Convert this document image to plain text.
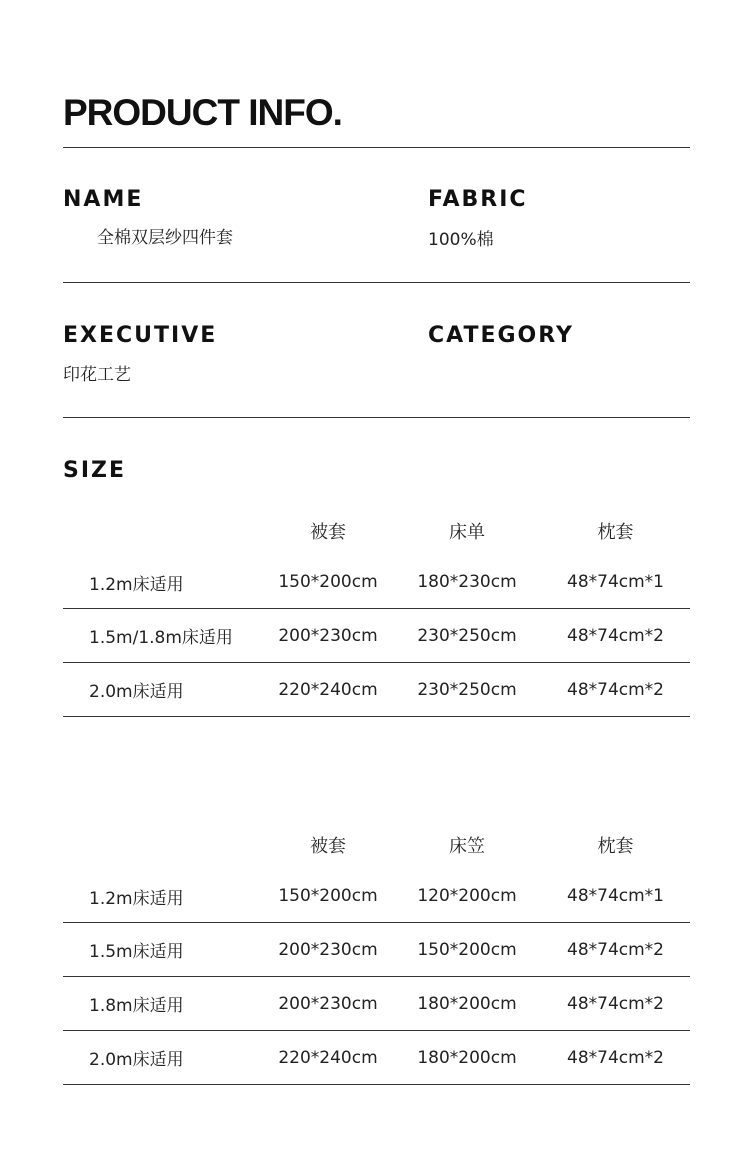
PRODUCT INFO.
NAME
全棉双层纱四件套
FABRIC
100%棉
EXECUTIVE
印花工艺
CATEGORY
SIZE
	被套	床单	枕套
1.2m床适用	150*200cm	180*230cm	48*74cm*1
1.5m/1.8m床适用	200*230cm	230*250cm	48*74cm*2
2.0m床适用	220*240cm	230*250cm	48*74cm*2
	被套	床笠	枕套
1.2m床适用	150*200cm	120*200cm	48*74cm*1
1.5m床适用	200*230cm	150*200cm	48*74cm*2
1.8m床适用	200*230cm	180*200cm	48*74cm*2
2.0m床适用	220*240cm	180*200cm	48*74cm*2
